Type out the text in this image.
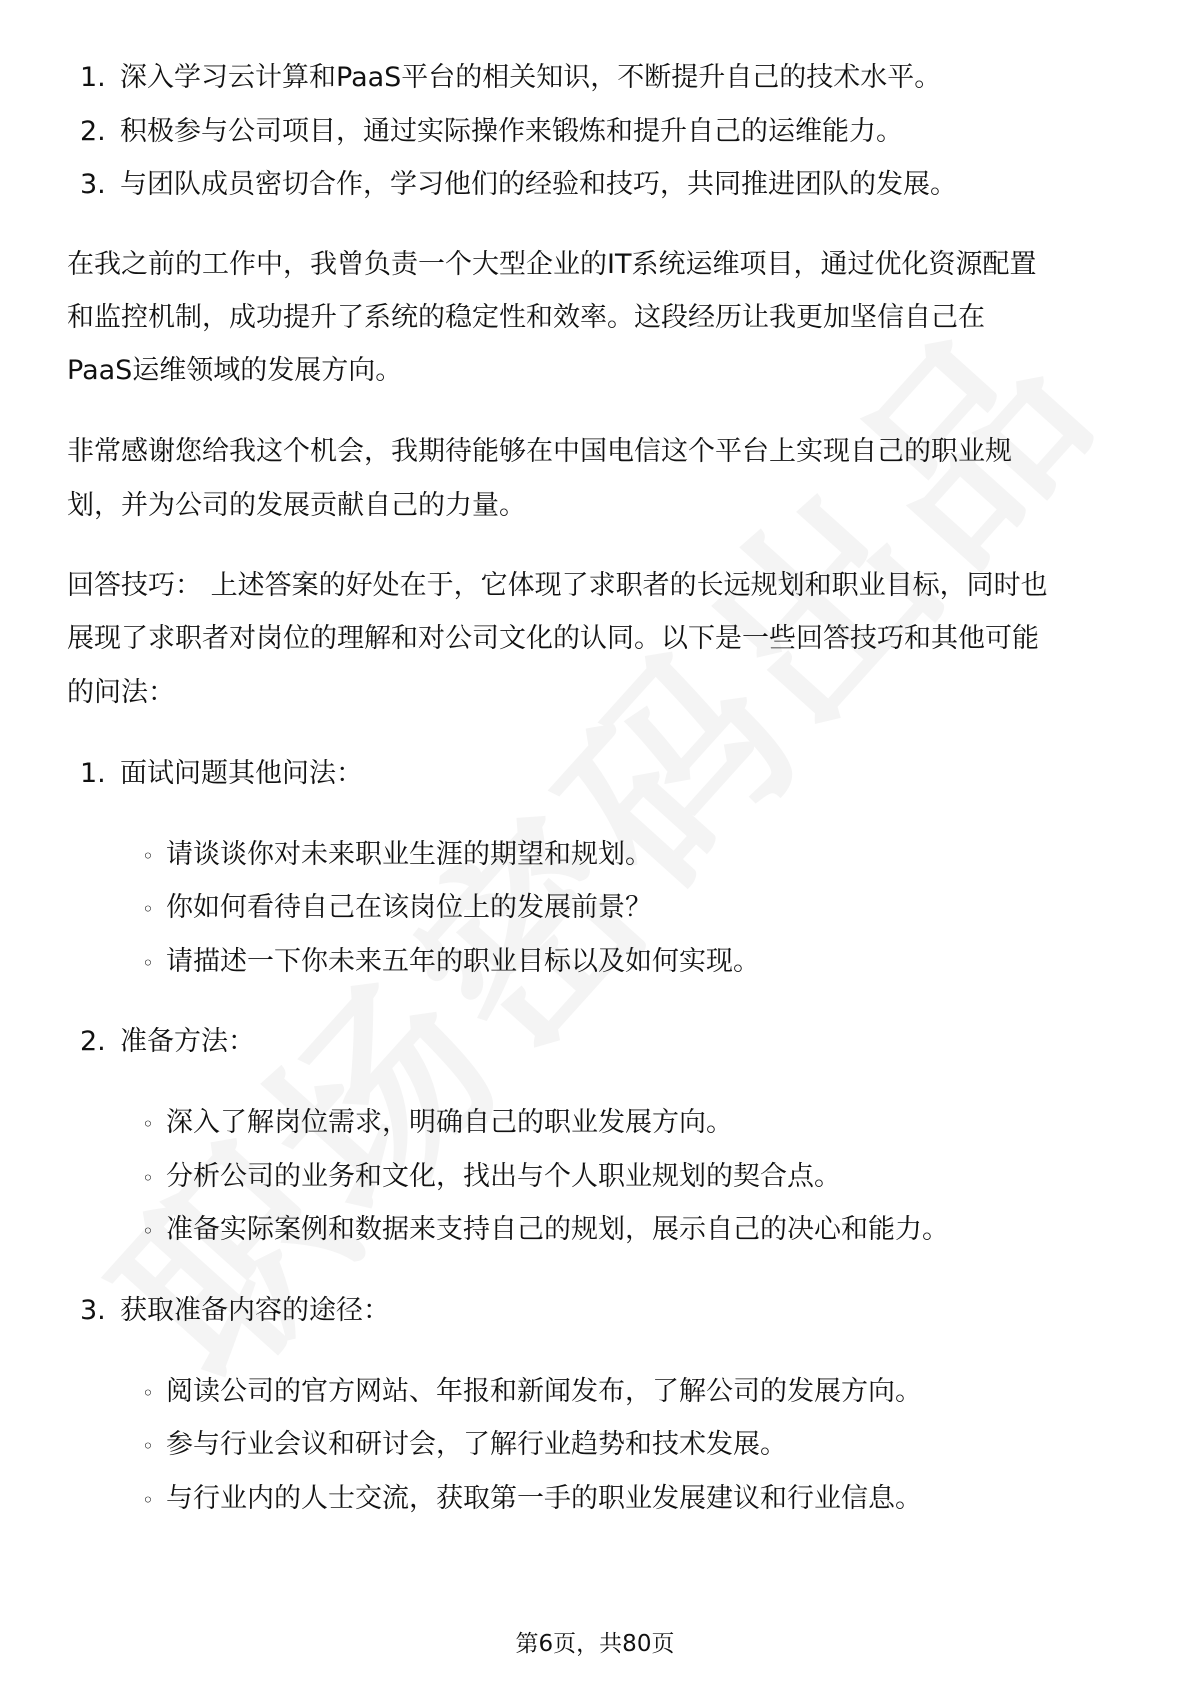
1. 深入学习云计算和PaaS平台的相关知识，不断提升自己的技术水平。
2. 积极参与公司项目，通过实际操作来锻炼和提升自己的运维能力。
3. 与团队成员密切合作，学习他们的经验和技巧，共同推进团队的发展。
在我之前的工作中，我曾负责一个大型企业的IT系统运维项目，通过优化资源配置
和监控机制，成功提升了系统的稳定性和效率。这段经历让我更加坚信自己在
PaaS运维领域的发展方向。
非常感谢您给我这个机会，我期待能够在中国电信这个平台上实现自己的职业规
划，并为公司的发展贡献自己的力量。
回答技巧： 上述答案的好处在于，它体现了求职者的长远规划和职业目标，同时也
展现了求职者对岗位的理解和对公司文化的认同。以下是一些回答技巧和其他可能
的问法：
1. 面试问题其他问法：
◦ 请谈谈你对未来职业生涯的期望和规划。
◦ 你如何看待自己在该岗位上的发展前景？
◦ 请描述一下你未来五年的职业目标以及如何实现。
2. 准备方法：
◦ 深入了解岗位需求，明确自己的职业发展方向。
◦ 分析公司的业务和文化，找出与个人职业规划的契合点。
◦ 准备实际案例和数据来支持自己的规划，展示自己的决心和能力。
3. 获取准备内容的途径：
◦ 阅读公司的官方网站、年报和新闻发布，了解公司的发展方向。
◦ 参与行业会议和研讨会，了解行业趋势和技术发展。
◦ 与行业内的人士交流，获取第一手的职业发展建议和行业信息。
第6页，共80页
